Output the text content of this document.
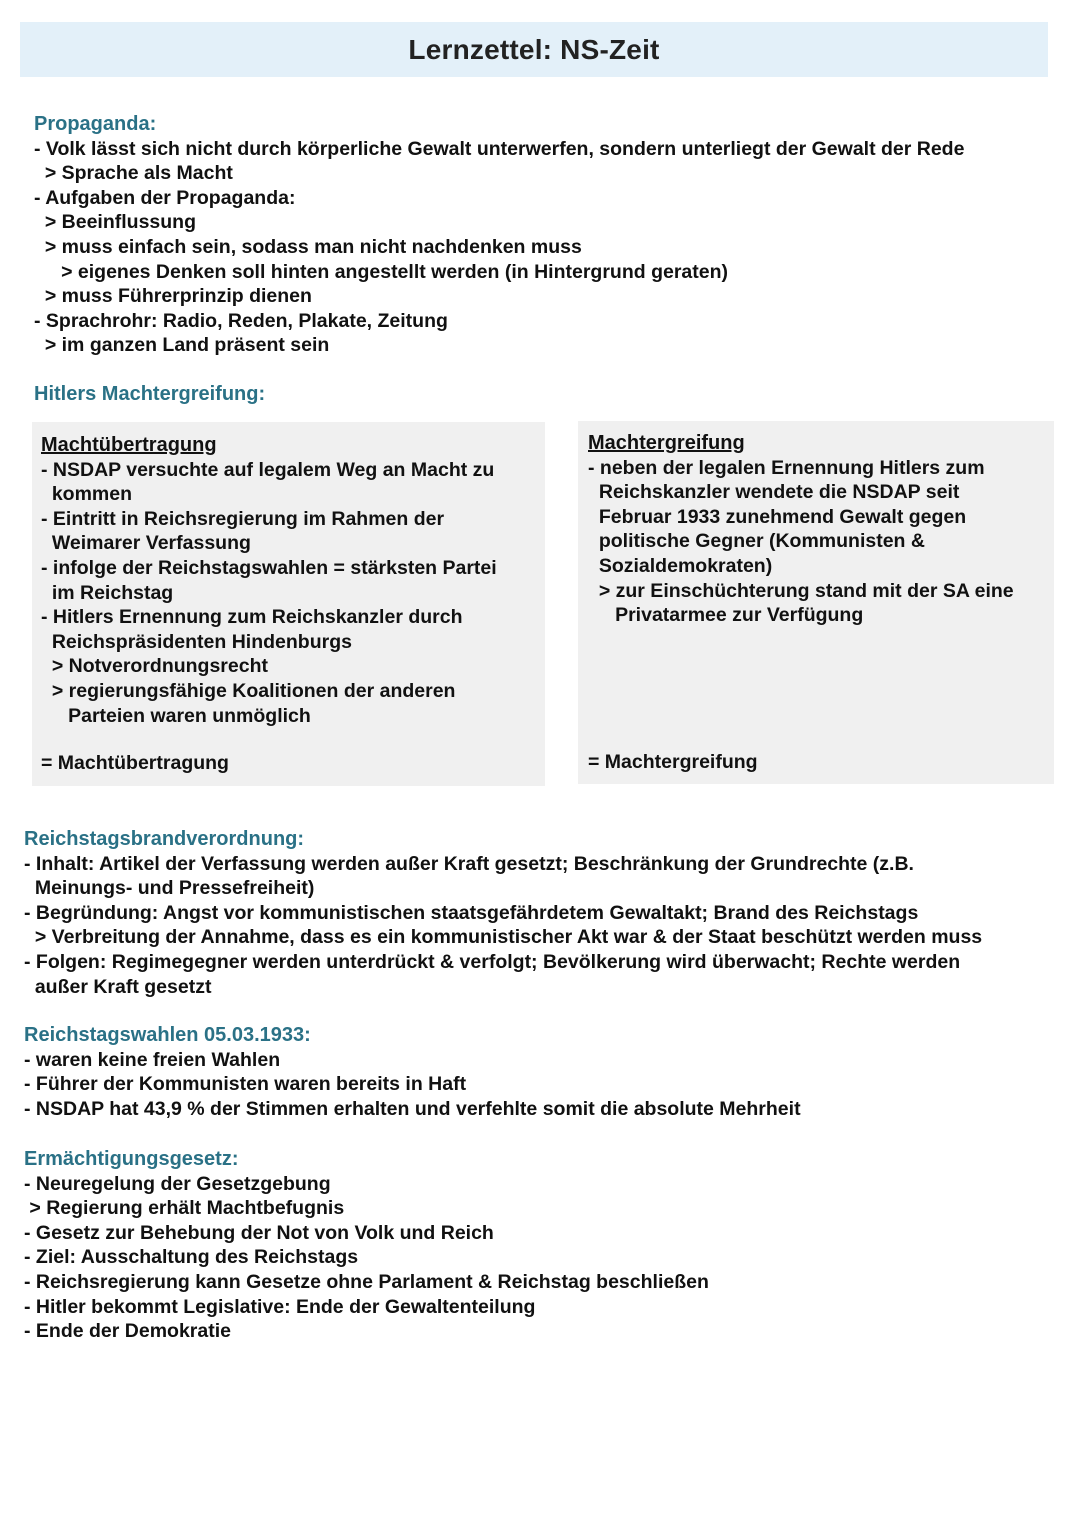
Lernzettel: NS-Zeit

Propaganda:

- Volk lässt sich nicht durch körperliche Gewalt unterwerfen, sondern unterliegt der Gewalt der Rede

> Sprache als Macht

- Aufgaben der Propaganda:

> Beeinflussung

> muss einfach sein, sodass man nicht nachdenken muss

> eigenes Denken soll hinten angestellt werden (in Hintergrund geraten)

> muss Führerprinzip dienen

- Sprachrohr: Radio, Reden, Plakate, Zeitung

> im ganzen Land präsent sein

Hitlers Machtergreifung:

Machtübertragung

- NSDAP versuchte auf legalem Weg an Macht zu

kommen

- Eintritt in Reichsregierung im Rahmen der

Weimarer Verfassung

- infolge der Reichstagswahlen = stärksten Partei

im Reichstag

- Hitlers Ernennung zum Reichskanzler durch

Reichspräsidenten Hindenburgs

> Notverordnungsrecht

> regierungsfähige Koalitionen der anderen

Parteien waren unmöglich

= Machtübertragung

Machtergreifung

- neben der legalen Ernennung Hitlers zum

Reichskanzler wendete die NSDAP seit

Februar 1933 zunehmend Gewalt gegen

politische Gegner (Kommunisten &

Sozialdemokraten)

> zur Einschüchterung stand mit der SA eine

Privatarmee zur Verfügung

= Machtergreifung

Reichstagsbrandverordnung:

- Inhalt: Artikel der Verfassung werden außer Kraft gesetzt; Beschränkung der Grundrechte (z.B.

Meinungs- und Pressefreiheit)

- Begründung: Angst vor kommunistischen staatsgefährdetem Gewaltakt; Brand des Reichstags

> Verbreitung der Annahme, dass es ein kommunistischer Akt war & der Staat beschützt werden muss

- Folgen: Regimegegner werden unterdrückt & verfolgt; Bevölkerung wird überwacht; Rechte werden

außer Kraft gesetzt

Reichstagswahlen 05.03.1933:

- waren keine freien Wahlen

- Führer der Kommunisten waren bereits in Haft

- NSDAP hat 43,9 % der Stimmen erhalten und verfehlte somit die absolute Mehrheit

Ermächtigungsgesetz:

- Neuregelung der Gesetzgebung

> Regierung erhält Machtbefugnis

- Gesetz zur Behebung der Not von Volk und Reich

- Ziel: Ausschaltung des Reichstags

- Reichsregierung kann Gesetze ohne Parlament & Reichstag beschließen

- Hitler bekommt Legislative: Ende der Gewaltenteilung

- Ende der Demokratie
